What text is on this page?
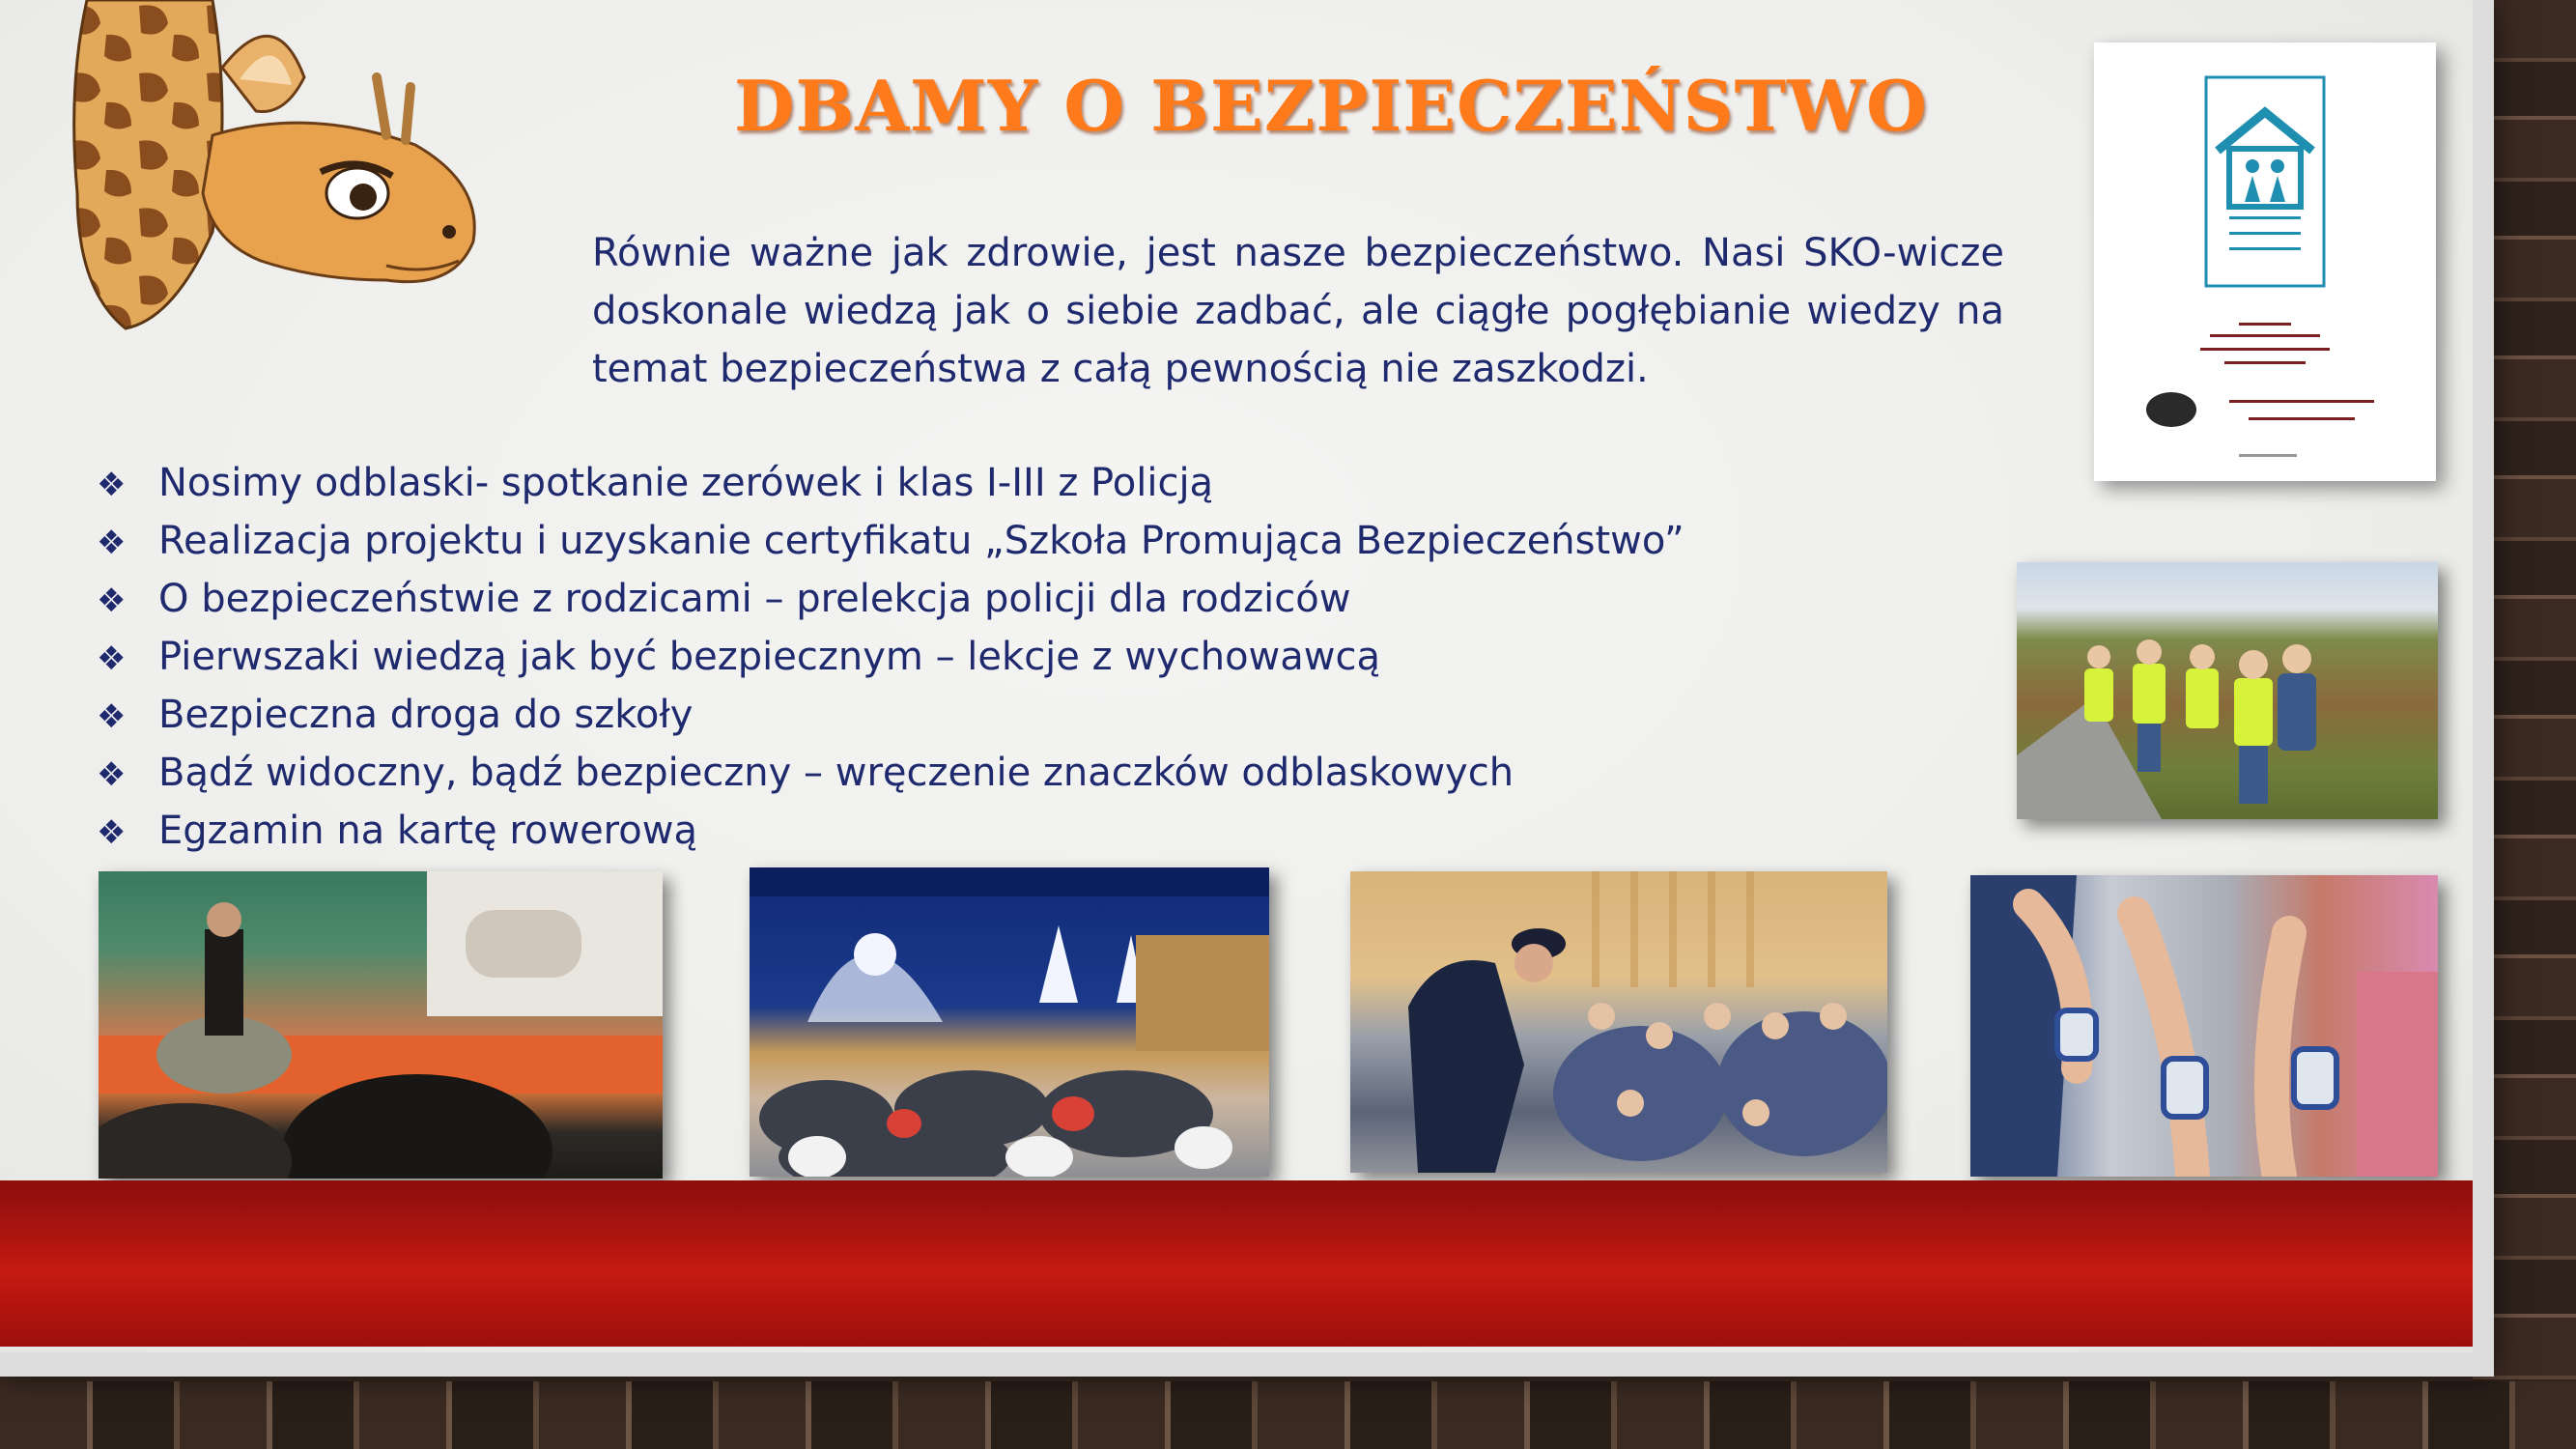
DBAMY O BEZPIECZEŃSTWO
Równie ważne jak zdrowie, jest nasze bezpieczeństwo. Nasi SKO-wicze doskonale wiedzą jak o siebie zadbać, ale ciągłe pogłębianie wiedzy na temat bezpieczeństwa z całą pewnością nie zaszkodzi.
❖ Nosimy odblaski- spotkanie zerówek i klas I-III z Policją
❖ Realizacja projektu i uzyskanie certyfikatu „Szkoła Promująca Bezpieczeństwo”
❖ O bezpieczeństwie z rodzicami – prelekcja policji dla rodziców
❖ Pierwszaki wiedzą jak być bezpiecznym – lekcje z wychowawcą
❖ Bezpieczna droga do szkoły
❖ Bądź widoczny, bądź bezpieczny – wręczenie znaczków odblaskowych
❖ Egzamin na kartę rowerową
